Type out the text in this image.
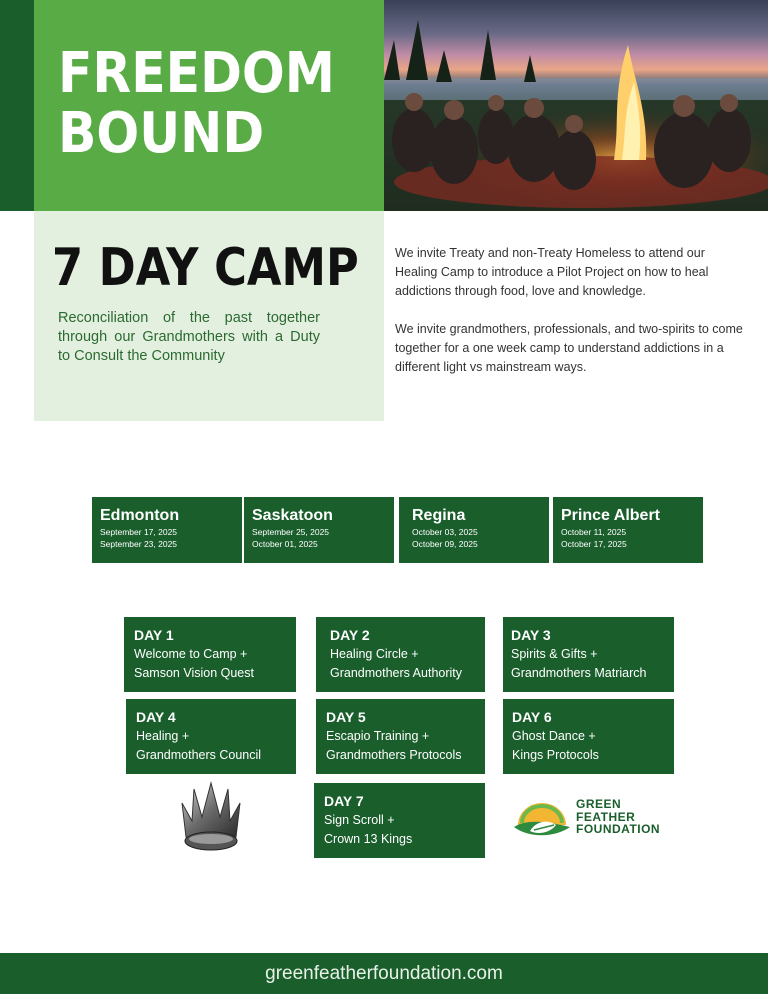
FREEDOM
BOUND
7 DAY CAMP

Reconciliation of the past together through our Grandmothers with a Duty to Consult the Community

We invite Treaty and non-Treaty Homeless to attend our Healing Camp to introduce a Pilot Project on how to heal addictions through food, love and knowledge.

We invite grandmothers, professionals, and two-spirits to come together for a one week camp to understand addictions in a different light vs mainstream ways.

Edmonton
September 17, 2025
September 23, 2025
Saskatoon
September 25, 2025
October 01, 2025
Regina
October 03, 2025
October 09, 2025
Prince Albert
October 11, 2025
October 17, 2025
DAY 1
Welcome to Camp +
Samson Vision Quest
DAY 2
Healing Circle +
Grandmothers Authority
DAY 3
Spirits & Gifts +
Grandmothers Matriarch
DAY 4
Healing +
Grandmothers Council
DAY 5
Escapio Training +
Grandmothers Protocols
DAY 6
Ghost Dance +
Kings Protocols
DAY 7
Sign Scroll +
Crown 13 Kings
GREEN
FEATHER
FOUNDATION
greenfeatherfoundation.com
